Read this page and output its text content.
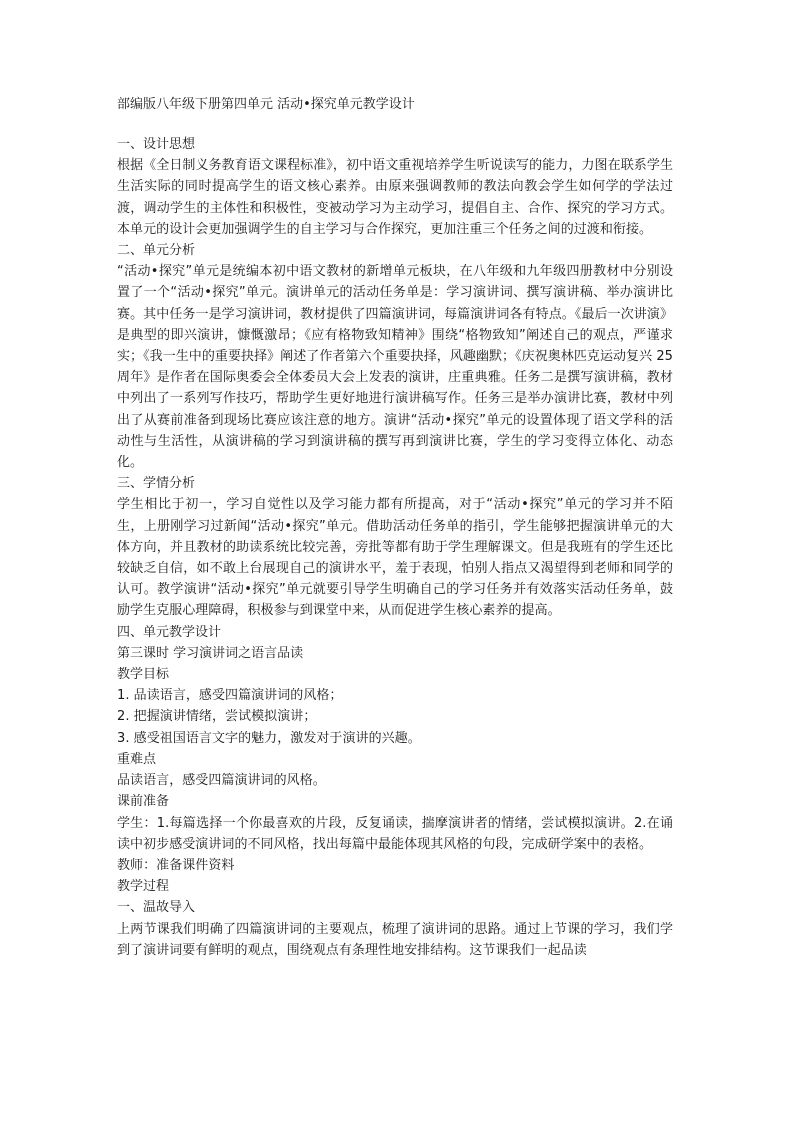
部编版八年级下册第四单元 活动•探究单元教学设计
一、设计思想
根据《全日制义务教育语文课程标准》，初中语文重视培养学生听说读写的能力，力图在联系学生生活实际的同时提高学生的语文核心素养。由原来强调教师的教法向教会学生如何学的学法过渡，调动学生的主体性和积极性，变被动学习为主动学习，提倡自主、合作、探究的学习方式。本单元的设计会更加强调学生的自主学习与合作探究，更加注重三个任务之间的过渡和衔接。
二、单元分析
“活动•探究”单元是统编本初中语文教材的新增单元板块，在八年级和九年级四册教材中分别设置了一个“活动•探究”单元。演讲单元的活动任务单是：学习演讲词、撰写演讲稿、举办演讲比赛。其中任务一是学习演讲词，教材提供了四篇演讲词，每篇演讲词各有特点。《最后一次讲演》是典型的即兴演讲，慷慨激昂；《应有格物致知精神》围绕“格物致知”阐述自己的观点，严谨求实；《我一生中的重要抉择》阐述了作者第六个重要抉择，风趣幽默；《庆祝奥林匹克运动复兴 25 周年》是作者在国际奥委会全体委员大会上发表的演讲，庄重典雅。任务二是撰写演讲稿，教材中列出了一系列写作技巧，帮助学生更好地进行演讲稿写作。任务三是举办演讲比赛，教材中列出了从赛前准备到现场比赛应该注意的地方。演讲“活动•探究”单元的设置体现了语文学科的活动性与生活性，从演讲稿的学习到演讲稿的撰写再到演讲比赛，学生的学习变得立体化、动态化。
三、学情分析
学生相比于初一，学习自觉性以及学习能力都有所提高，对于“活动•探究”单元的学习并不陌生，上册刚学习过新闻“活动•探究”单元。借助活动任务单的指引，学生能够把握演讲单元的大体方向，并且教材的助读系统比较完善，旁批等都有助于学生理解课文。但是我班有的学生还比较缺乏自信，如不敢上台展现自己的演讲水平，羞于表现，怕别人指点又渴望得到老师和同学的认可。教学演讲“活动•探究”单元就要引导学生明确自己的学习任务并有效落实活动任务单，鼓励学生克服心理障碍，积极参与到课堂中来，从而促进学生核心素养的提高。
四、单元教学设计
第三课时 学习演讲词之语言品读
教学目标
1. 品读语言，感受四篇演讲词的风格；
2. 把握演讲情绪，尝试模拟演讲；
3. 感受祖国语言文字的魅力，激发对于演讲的兴趣。
重难点
品读语言，感受四篇演讲词的风格。
课前准备
学生：1.每篇选择一个你最喜欢的片段，反复诵读，揣摩演讲者的情绪，尝试模拟演讲。2.在诵读中初步感受演讲词的不同风格，找出每篇中最能体现其风格的句段，完成研学案中的表格。
教师：准备课件资料
教学过程
一、温故导入
上两节课我们明确了四篇演讲词的主要观点，梳理了演讲词的思路。通过上节课的学习，我们学到了演讲词要有鲜明的观点，围绕观点有条理性地安排结构。这节课我们一起品读
